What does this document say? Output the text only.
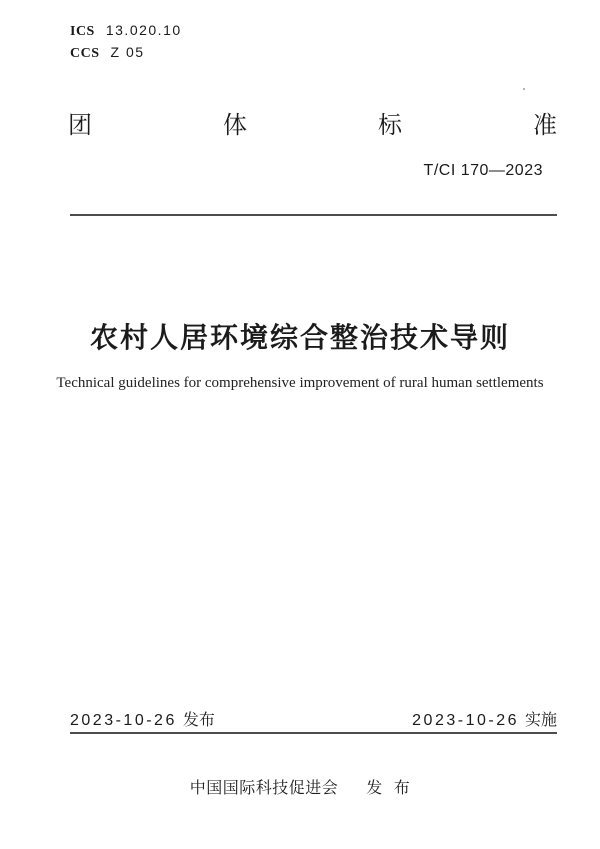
ICS 13.020.10
CCS Z 05
团	体	标	准
T/CI 170—2023
农村人居环境综合整治技术导则
Technical guidelines for comprehensive improvement of rural human settlements
2023-10-26 发布	2023-10-26 实施
中国国际科技促进会 发 布
